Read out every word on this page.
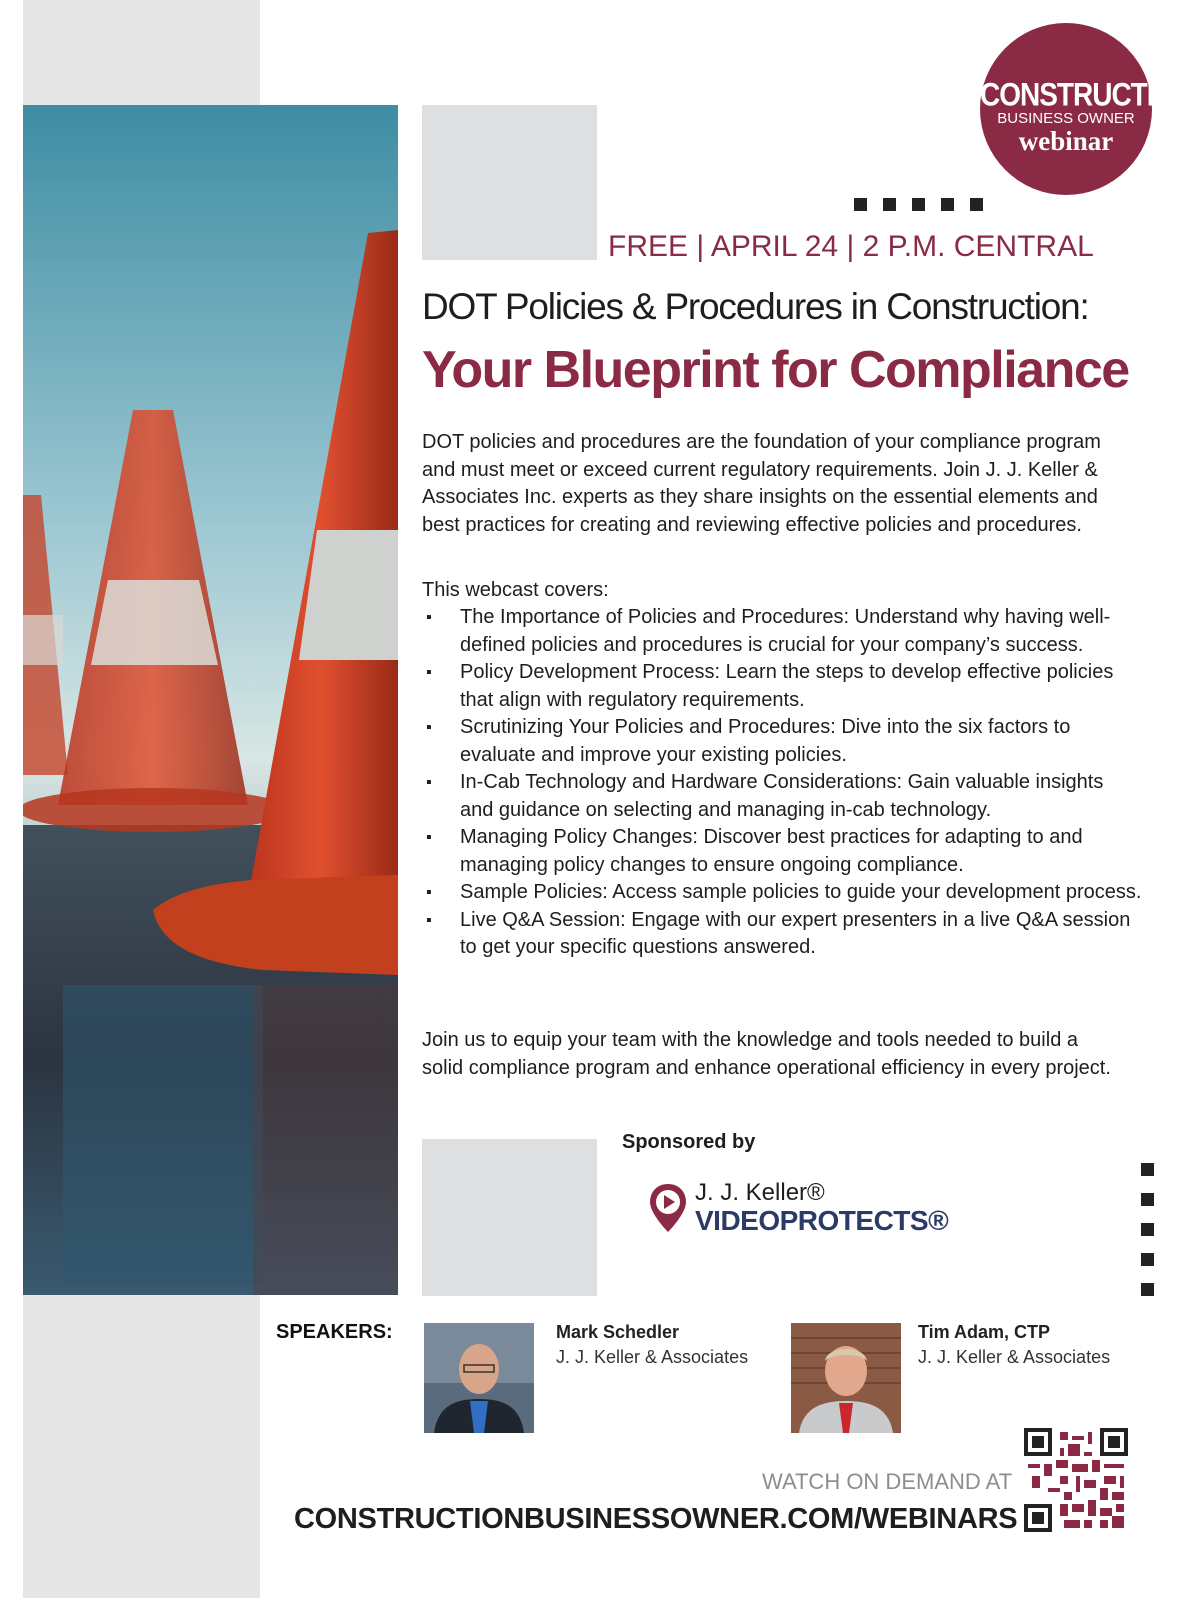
CONSTRUCTION
BUSINESS OWNER
webinar
FREE | APRIL 24 | 2 P.M. CENTRAL
DOT Policies & Procedures in Construction:
Your Blueprint for Compliance
DOT policies and procedures are the foundation of your compliance program and must meet or exceed current regulatory requirements. Join J. J. Keller & Associates Inc. experts as they share insights on the essential elements and best practices for creating and reviewing effective policies and procedures.
This webcast covers:
▪ The Importance of Policies and Procedures: Understand why having well-defined policies and procedures is crucial for your company’s success.
▪ Policy Development Process: Learn the steps to develop effective policies that align with regulatory requirements.
▪ Scrutinizing Your Policies and Procedures: Dive into the six factors to evaluate and improve your existing policies.
▪ In-Cab Technology and Hardware Considerations: Gain valuable insights and guidance on selecting and managing in-cab technology.
▪ Managing Policy Changes: Discover best practices for adapting to and managing policy changes to ensure ongoing compliance.
▪ Sample Policies: Access sample policies to guide your development process.
▪ Live Q&A Session: Engage with our expert presenters in a live Q&A session to get your specific questions answered.
Join us to equip your team with the knowledge and tools needed to build a solid compliance program and enhance operational efficiency in every project.
Sponsored by
J. J. Keller®
VIDEOPROTECTS®
SPEAKERS:	Mark Schedler
J. J. Keller & Associates
Tim Adam, CTP
J. J. Keller & Associates
WATCH ON DEMAND AT
CONSTRUCTIONBUSINESSOWNER.COM/WEBINARS
